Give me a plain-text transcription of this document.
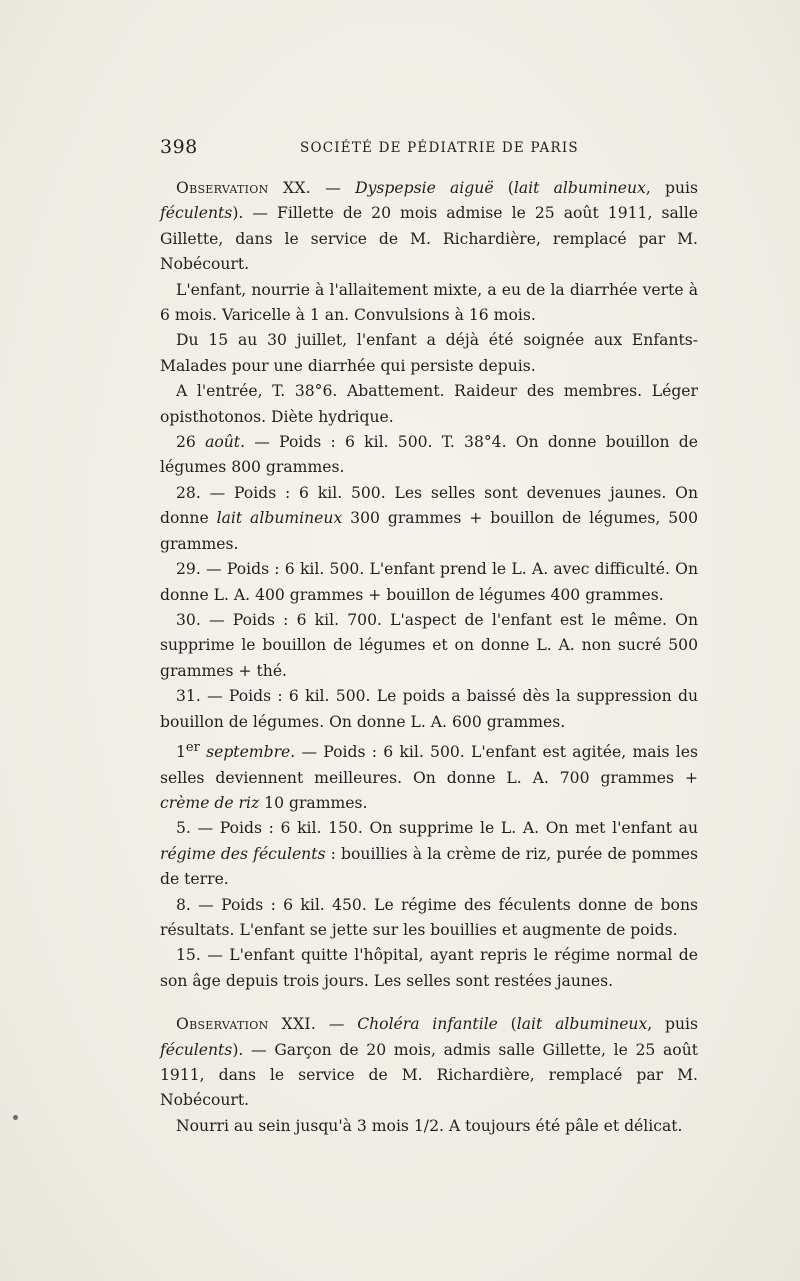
398	SOCIÉTÉ DE PÉDIATRIE DE PARIS

Observation XX. — Dyspepsie aiguë (lait albumineux, puis féculents). — Fillette de 20 mois admise le 25 août 1911, salle Gillette, dans le service de M. Richardière, remplacé par M. Nobécourt.

L'enfant, nourrie à l'allaitement mixte, a eu de la diarrhée verte à 6 mois. Varicelle à 1 an. Convulsions à 16 mois.

Du 15 au 30 juillet, l'enfant a déjà été soignée aux Enfants-Malades pour une diarrhée qui persiste depuis.

A l'entrée, T. 38°6. Abattement. Raideur des membres. Léger opisthotonos. Diète hydrique.

26 août. — Poids : 6 kil. 500. T. 38°4. On donne bouillon de légumes 800 grammes.

28. — Poids : 6 kil. 500. Les selles sont devenues jaunes. On donne lait albumineux 300 grammes + bouillon de légumes, 500 grammes.

29. — Poids : 6 kil. 500. L'enfant prend le L. A. avec difficulté. On donne L. A. 400 grammes + bouillon de légumes 400 grammes.

30. — Poids : 6 kil. 700. L'aspect de l'enfant est le même. On supprime le bouillon de légumes et on donne L. A. non sucré 500 grammes + thé.

31. — Poids : 6 kil. 500. Le poids a baissé dès la suppression du bouillon de légumes. On donne L. A. 600 grammes.

1er septembre. — Poids : 6 kil. 500. L'enfant est agitée, mais les selles deviennent meilleures. On donne L. A. 700 grammes + crème de riz 10 grammes.

5. — Poids : 6 kil. 150. On supprime le L. A. On met l'enfant au régime des féculents : bouillies à la crème de riz, purée de pommes de terre.

8. — Poids : 6 kil. 450. Le régime des féculents donne de bons résultats. L'enfant se jette sur les bouillies et augmente de poids.

15. — L'enfant quitte l'hôpital, ayant repris le régime normal de son âge depuis trois jours. Les selles sont restées jaunes.

Observation XXI. — Choléra infantile (lait albumineux, puis féculents). — Garçon de 20 mois, admis salle Gillette, le 25 août 1911, dans le service de M. Richardière, remplacé par M. Nobécourt.

Nourri au sein jusqu'à 3 mois 1/2. A toujours été pâle et délicat.
